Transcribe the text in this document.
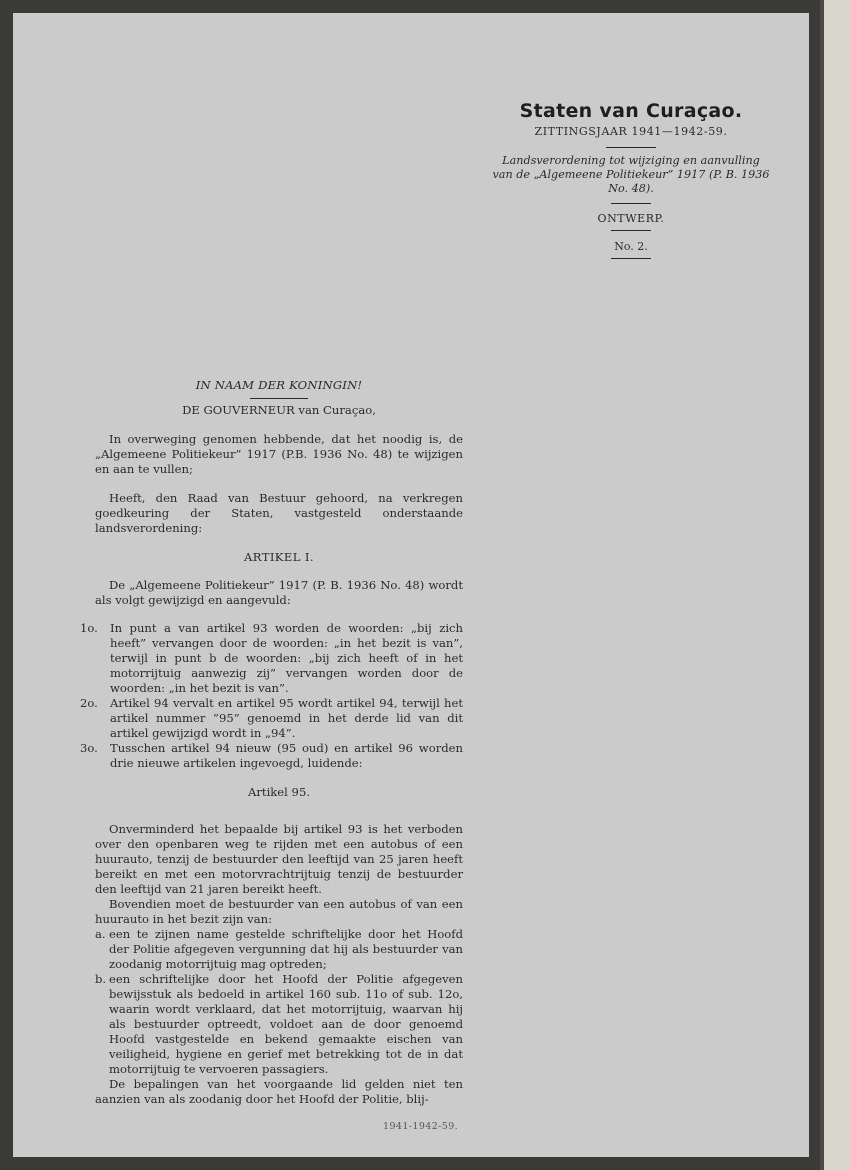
Staten van Curaçao.
ZITTINGSJAAR 1941—1942-59.
Landsverordening tot wijziging en aanvulling van de „Algemeene Politiekeur” 1917 (P. B. 1936 No. 48).
ONTWERP.
No. 2.
IN NAAM DER KONINGIN!
DE GOUVERNEUR van Curaçao,

In overweging genomen hebbende, dat het noodig is, de „Algemeene Politiekeur” 1917 (P.B. 1936 No. 48) te wijzigen en aan te vullen;

Heeft, den Raad van Bestuur gehoord, na verkregen goedkeuring der Staten, vastgesteld onderstaande landsverordening:

ARTIKEL I.

De „Algemeene Politiekeur” 1917 (P. B. 1936 No. 48) wordt als volgt gewijzigd en aangevuld:

1o.	In punt a van artikel 93 worden de woorden: „bij zich heeft” vervangen door de woorden: „in het bezit is van”, terwijl in punt b de woorden: „bij zich heeft of in het motorrijtuig aanwezig zij” vervangen worden door de woorden: „in het bezit is van”.
2o.	Artikel 94 vervalt en artikel 95 wordt artikel 94, terwijl het artikel nummer ”95” genoemd in het derde lid van dit artikel gewijzigd wordt in „94”.
3o.	Tusschen artikel 94 nieuw (95 oud) en artikel 96 worden drie nieuwe artikelen ingevoegd, luidende:
Artikel 95.

Onverminderd het bepaalde bij artikel 93 is het verboden over den openbaren weg te rijden met een autobus of een huurauto, tenzij de bestuurder den leeftijd van 25 jaren heeft bereikt en met een motorvrachtrijtuig tenzij de bestuurder den leeftijd van 21 jaren bereikt heeft.

Bovendien moet de bestuurder van een autobus of van een huurauto in het bezit zijn van:

a. een te zijnen name gestelde schriftelijke door het Hoofd der Politie afgegeven vergunning dat hij als bestuurder van zoodanig motorrijtuig mag optreden;
b. een schriftelijke door het Hoofd der Politie afgegeven bewijsstuk als bedoeld in artikel 160 sub. 11o of sub. 12o, waarin wordt verklaard, dat het motorrijtuig, waarvan hij als bestuurder optreedt, voldoet aan de door genoemd Hoofd vastgestelde en bekend gemaakte eischen van veiligheid, hygiene en gerief met betrekking tot de in dat motorrijtuig te vervoeren passagiers.

De bepalingen van het voorgaande lid gelden niet ten aanzien van als zoodanig door het Hoofd der Politie, blij-

1941-1942-59.
